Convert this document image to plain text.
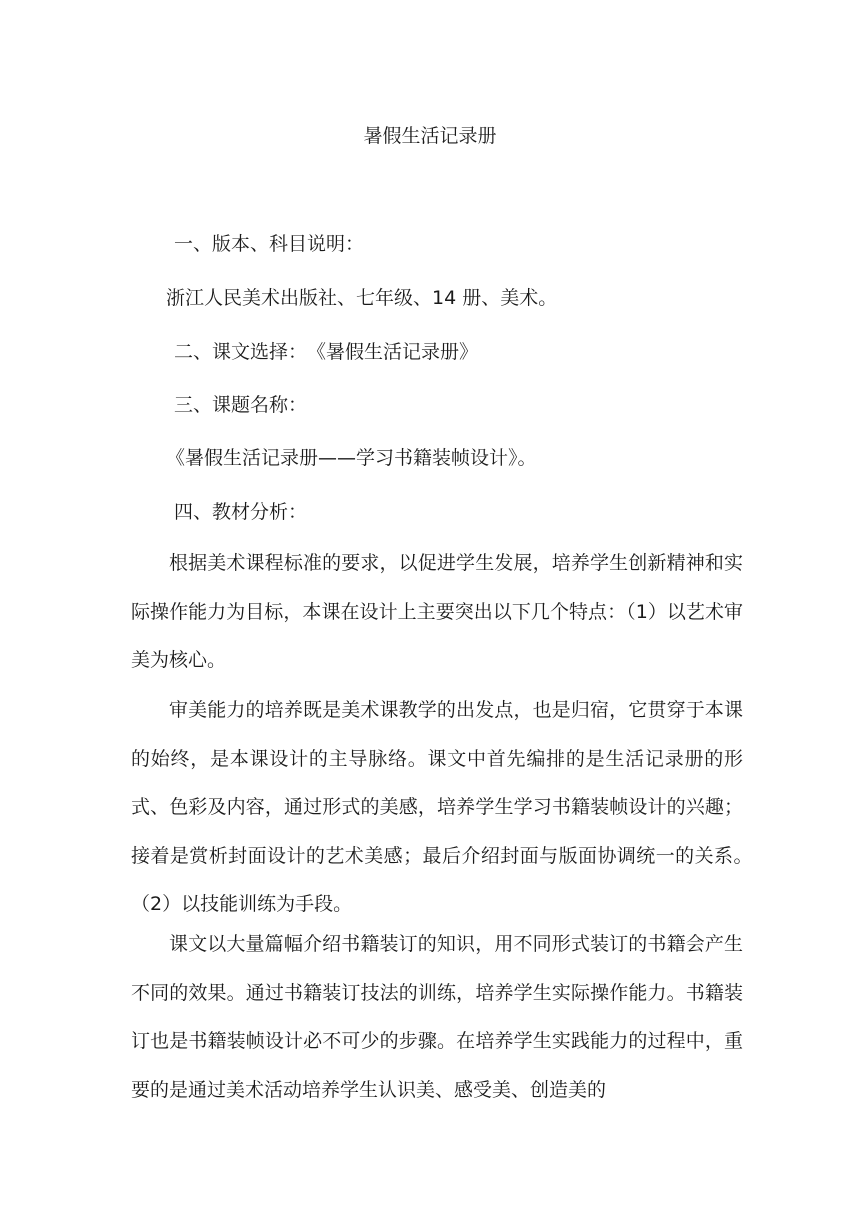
暑假生活记录册
一、版本、科目说明：
浙江人民美术出版社、七年级、14 册、美术。
二、课文选择：　《暑假生活记录册》
三、课题名称：
《暑假生活记录册——学习书籍装帧设计》。
四、教材分析：
根据美术课程标准的要求，以促进学生发展，培养学生创新精神和实际操作能力为目标，本课在设计上主要突出以下几个特点：（1）以艺术审美为核心。
审美能力的培养既是美术课教学的出发点，也是归宿，它贯穿于本课的始终，是本课设计的主导脉络。课文中首先编排的是生活记录册的形式、色彩及内容，通过形式的美感，培养学生学习书籍装帧设计的兴趣；接着是赏析封面设计的艺术美感；最后介绍封面与版面协调统一的关系。　（2）以技能训练为手段。
课文以大量篇幅介绍书籍装订的知识，用不同形式装订的书籍会产生不同的效果。通过书籍装订技法的训练，培养学生实际操作能力。书籍装订也是书籍装帧设计必不可少的步骤。在培养学生实践能力的过程中，重要的是通过美术活动培养学生认识美、感受美、创造美的
